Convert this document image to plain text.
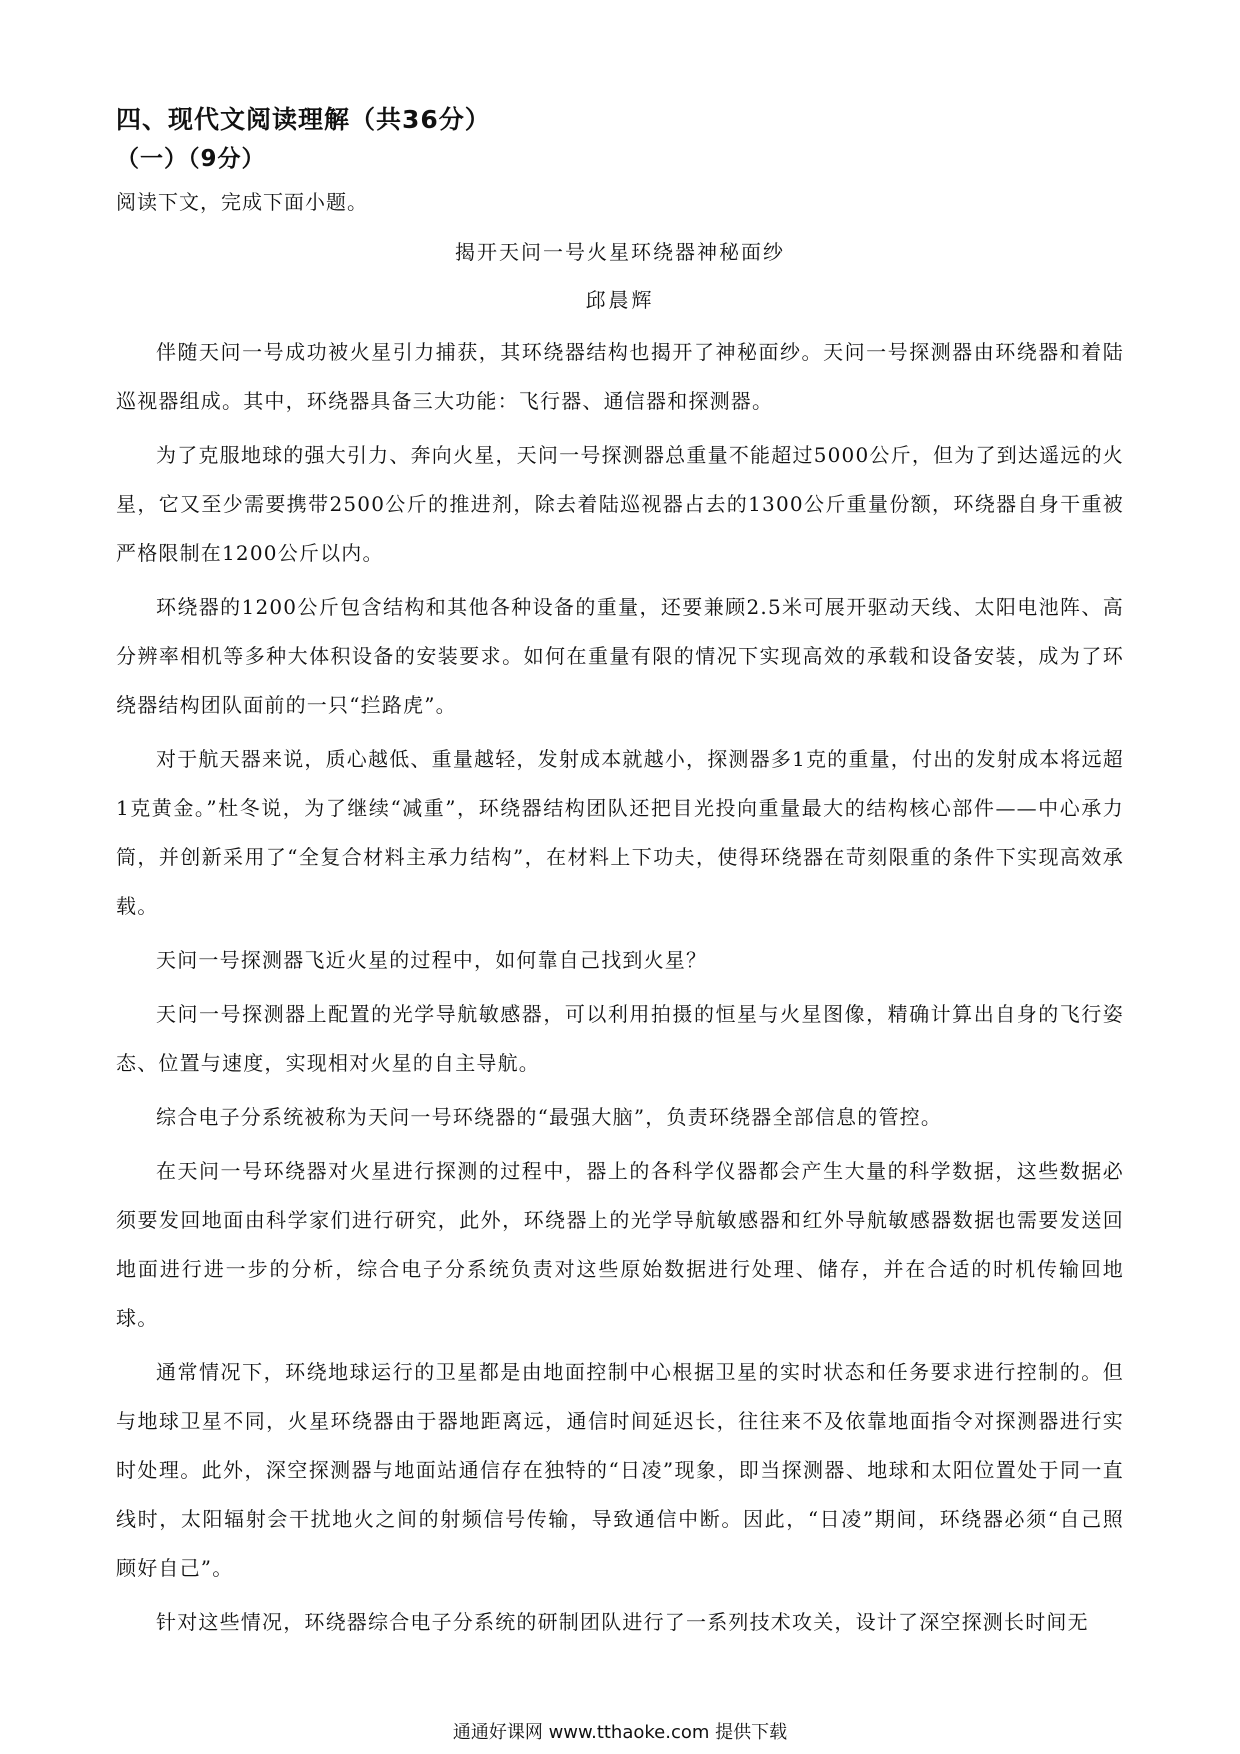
四、现代文阅读理解（共36分）
（一）（9分）
阅读下文，完成下面小题。
揭开天问一号火星环绕器神秘面纱
邱晨辉

伴随天问一号成功被火星引力捕获，其环绕器结构也揭开了神秘面纱。天问一号探测器由环绕器和着陆巡视器组成。其中，环绕器具备三大功能：飞行器、通信器和探测器。

为了克服地球的强大引力、奔向火星，天问一号探测器总重量不能超过5000公斤，但为了到达遥远的火星，它又至少需要携带2500公斤的推进剂，除去着陆巡视器占去的1300公斤重量份额，环绕器自身干重被严格限制在1200公斤以内。

环绕器的1200公斤包含结构和其他各种设备的重量，还要兼顾2.5米可展开驱动天线、太阳电池阵、高分辨率相机等多种大体积设备的安装要求。如何在重量有限的情况下实现高效的承载和设备安装，成为了环绕器结构团队面前的一只“拦路虎”。

对于航天器来说，质心越低、重量越轻，发射成本就越小，探测器多1克的重量，付出的发射成本将远超1克黄金。”杜冬说，为了继续“减重”，环绕器结构团队还把目光投向重量最大的结构核心部件——中心承力筒，并创新采用了“全复合材料主承力结构”，在材料上下功夫，使得环绕器在苛刻限重的条件下实现高效承载。

天问一号探测器飞近火星的过程中，如何靠自己找到火星？

天问一号探测器上配置的光学导航敏感器，可以利用拍摄的恒星与火星图像，精确计算出自身的飞行姿态、位置与速度，实现相对火星的自主导航。

综合电子分系统被称为天问一号环绕器的“最强大脑”，负责环绕器全部信息的管控。

在天问一号环绕器对火星进行探测的过程中，器上的各科学仪器都会产生大量的科学数据，这些数据必须要发回地面由科学家们进行研究，此外，环绕器上的光学导航敏感器和红外导航敏感器数据也需要发送回地面进行进一步的分析，综合电子分系统负责对这些原始数据进行处理、储存，并在合适的时机传输回地球。

通常情况下，环绕地球运行的卫星都是由地面控制中心根据卫星的实时状态和任务要求进行控制的。但与地球卫星不同，火星环绕器由于器地距离远，通信时间延迟长，往往来不及依靠地面指令对探测器进行实时处理。此外，深空探测器与地面站通信存在独特的“日凌”现象，即当探测器、地球和太阳位置处于同一直线时，太阳辐射会干扰地火之间的射频信号传输，导致通信中断。因此，“日凌”期间，环绕器必须“自己照顾好自己”。

针对这些情况，环绕器综合电子分系统的研制团队进行了一系列技术攻关，设计了深空探测长时间无

通通好课网 www.tthaoke.com 提供下载
